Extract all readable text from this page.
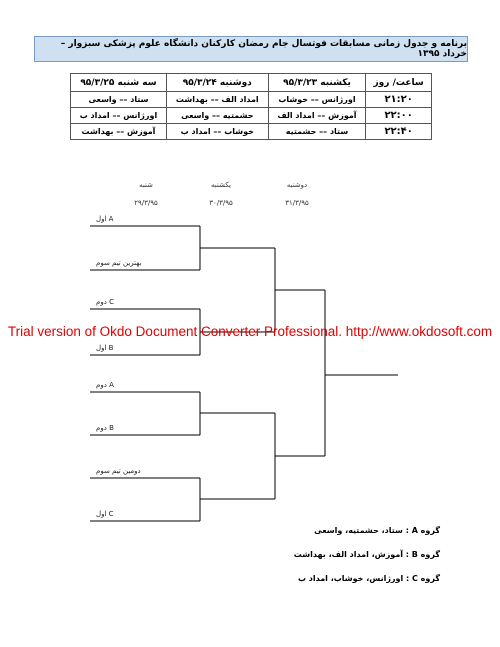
برنامه و جدول زمانی مسابقات فوتسال جام رمضان کارکنان دانشگاه علوم پزشکی سبزوار – خرداد ۱۳۹۵
ساعت/ روز	یکشنبه ۹۵/۳/۲۳	دوشنبه ۹۵/۳/۲۴	سه شنبه ۹۵/۳/۲۵
۲۱:۲۰	اورژانس –– خوشاب	امداد الف –– بهداشت	ستاد –– واسعی
۲۲:۰۰	آموزش –– امداد الف	حشمتیه –– واسعی	اورژانس –– امداد ب
۲۲:۴۰	ستاد –– حشمتیه	خوشاب –– امداد ب	آموزش –– بهداشت
شنبه
۲۹/۳/۹۵
یکشنبه
۳۰/۳/۹۵
دوشنبه
۳۱/۳/۹۵
اول A
بهترین تیم سوم
دوم C
اول B
دوم A
دوم B
دومین تیم سوم
اول C
Trial version of Okdo Document Converter Professional. http://www.okdosoft.com
گروه A : ستاد، حشمتیه، واسعی
گروه B : آموزش، امداد الف، بهداشت
گروه C : اورژانس، خوشاب، امداد ب
